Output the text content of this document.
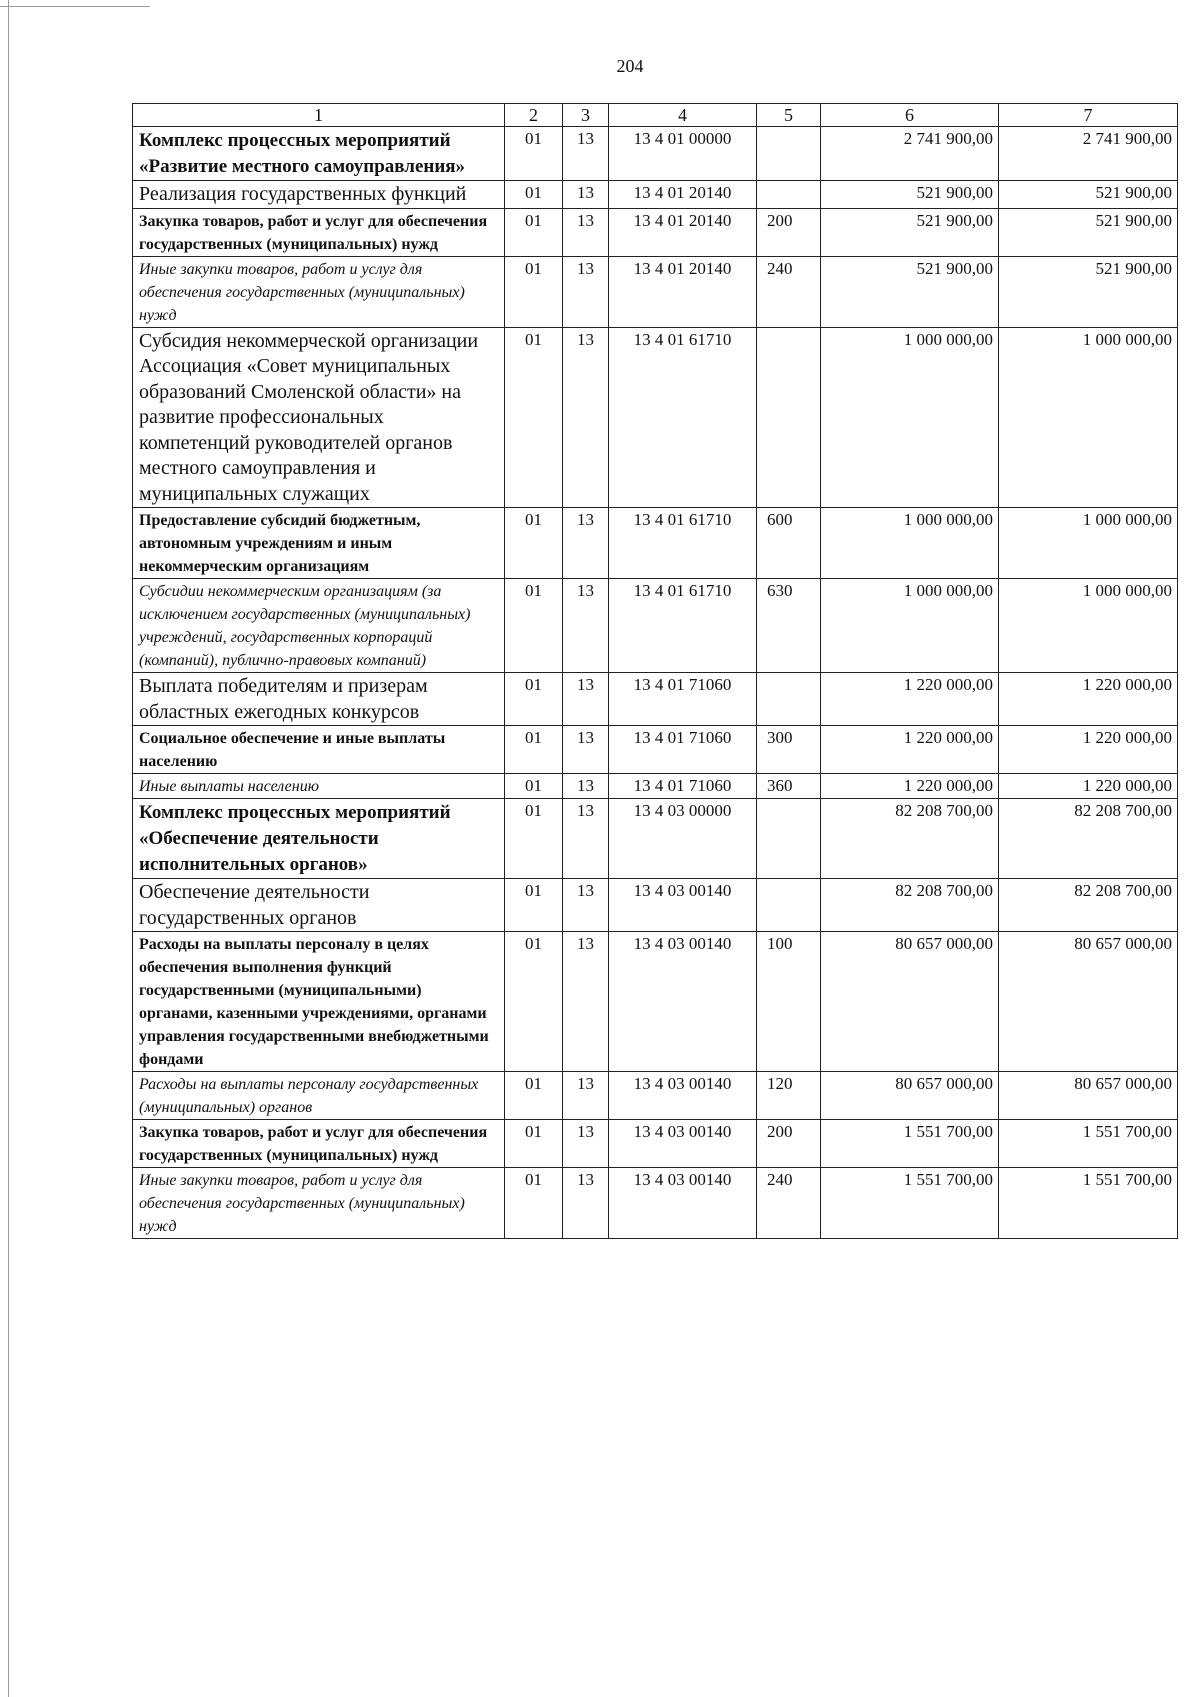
204
1	2	3	4	5	6	7
Комплекс процессных мероприятий «Развитие местного самоуправления»	01	13	13 4 01 00000		2 741 900,00	2 741 900,00
Реализация государственных функций	01	13	13 4 01 20140		521 900,00	521 900,00
Закупка товаров, работ и услуг для обеспечения государственных (муниципальных) нужд	01	13	13 4 01 20140	200	521 900,00	521 900,00
Иные закупки товаров, работ и услуг для обеспечения государственных (муниципальных) нужд	01	13	13 4 01 20140	240	521 900,00	521 900,00
Субсидия некоммерческой организации Ассоциация «Совет муниципальных образований Смоленской области» на развитие профессиональных компетенций руководителей органов местного самоуправления и муниципальных служащих	01	13	13 4 01 61710		1 000 000,00	1 000 000,00
Предоставление субсидий бюджетным, автономным учреждениям и иным некоммерческим организациям	01	13	13 4 01 61710	600	1 000 000,00	1 000 000,00
Субсидии некоммерческим организациям (за исключением государственных (муниципальных) учреждений, государственных корпораций (компаний), публично-правовых компаний)	01	13	13 4 01 61710	630	1 000 000,00	1 000 000,00
Выплата победителям и призерам областных ежегодных конкурсов	01	13	13 4 01 71060		1 220 000,00	1 220 000,00
Социальное обеспечение и иные выплаты населению	01	13	13 4 01 71060	300	1 220 000,00	1 220 000,00
Иные выплаты населению	01	13	13 4 01 71060	360	1 220 000,00	1 220 000,00
Комплекс процессных мероприятий «Обеспечение деятельности исполнительных органов»	01	13	13 4 03 00000		82 208 700,00	82 208 700,00
Обеспечение деятельности государственных органов	01	13	13 4 03 00140		82 208 700,00	82 208 700,00
Расходы на выплаты персоналу в целях обеспечения выполнения функций государственными (муниципальными) органами, казенными учреждениями, органами управления государственными внебюджетными фондами	01	13	13 4 03 00140	100	80 657 000,00	80 657 000,00
Расходы на выплаты персоналу государственных (муниципальных) органов	01	13	13 4 03 00140	120	80 657 000,00	80 657 000,00
Закупка товаров, работ и услуг для обеспечения государственных (муниципальных) нужд	01	13	13 4 03 00140	200	1 551 700,00	1 551 700,00
Иные закупки товаров, работ и услуг для обеспечения государственных (муниципальных) нужд	01	13	13 4 03 00140	240	1 551 700,00	1 551 700,00
